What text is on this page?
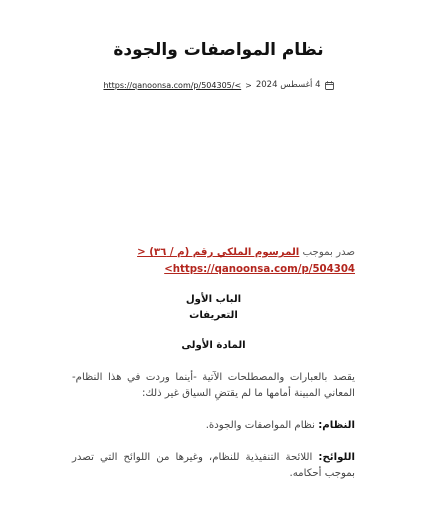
نظام المواصفات والجودة
https://qanoonsa.com/p/504305/< > 4 أغسطس 2024

صدر بموجب المرسوم الملكي رقم (م / ٣٦) <
<https://qanoonsa.com/p/504304

الباب الأول

التعريفات

المادة الأولى

يقصد بالعبارات والمصطلحات الآتية -أينما وردت في هذا النظام- المعاني المبينة أمامها ما لم يقتضِ السياق غير ذلك:

النظام: نظام المواصفات والجودة.

اللوائح: اللائحة التنفيذية للنظام، وغيرها من اللوائح التي تصدر بموجب أحكامه.
